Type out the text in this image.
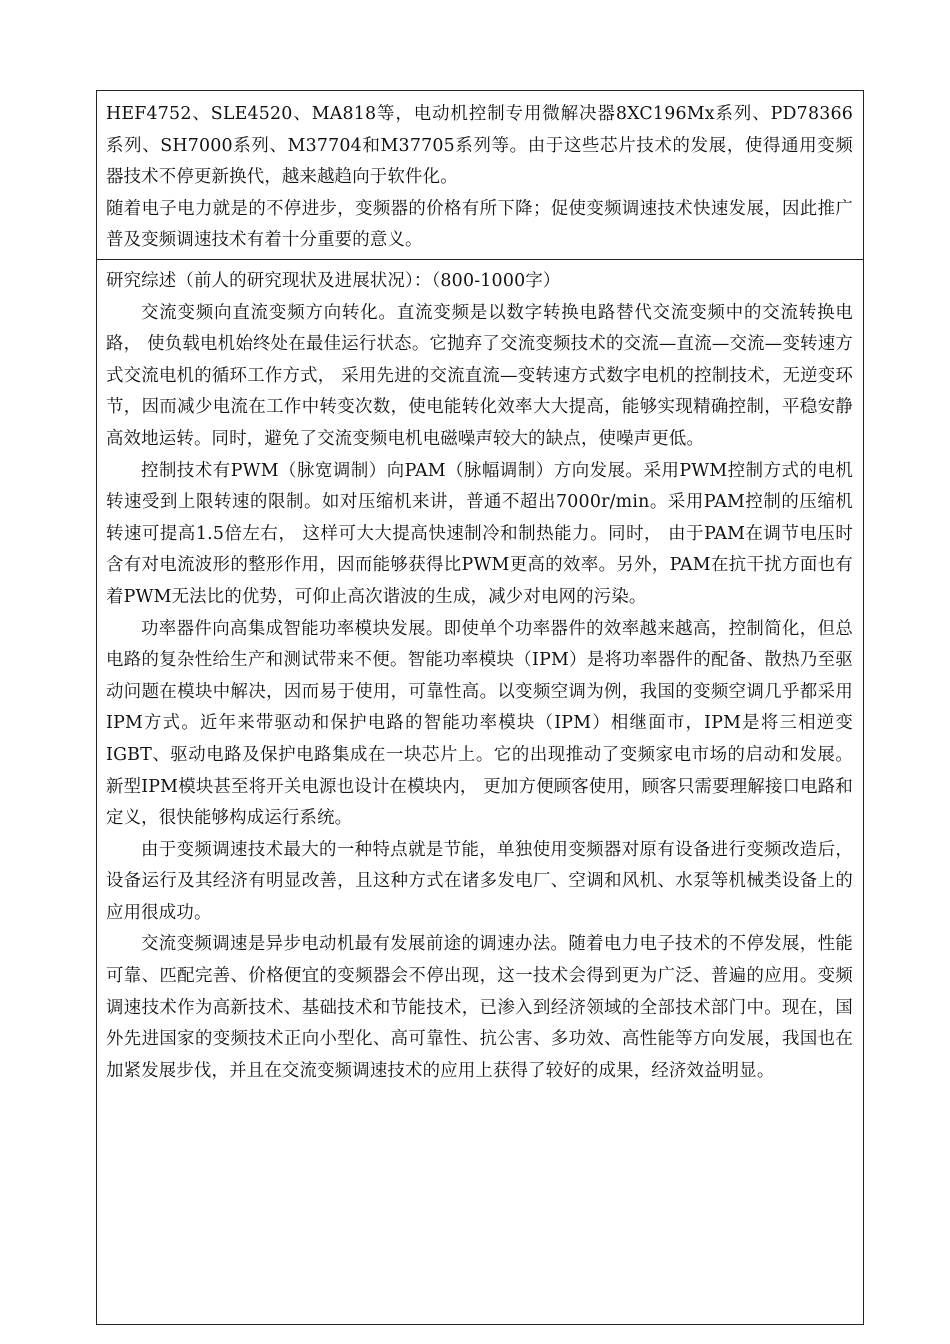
HEF4752、SLE4520、MA818等，电动机控制专用微解决器8XC196Mx系列、PD78366系列、SH7000系列、M37704和M37705系列等。由于这些芯片技术的发展，使得通用变频器技术不停更新换代，越来越趋向于软件化。

随着电子电力就是的不停进步，变频器的价格有所下降；促使变频调速技术快速发展，因此推广普及变频调速技术有着十分重要的意义。

研究综述（前人的研究现状及进展状况）：（800-1000字）

交流变频向直流变频方向转化。直流变频是以数字转换电路替代交流变频中的交流转换电路， 使负载电机始终处在最佳运行状态。它抛弃了交流变频技术的交流—直流—交流—变转速方式交流电机的循环工作方式， 采用先进的交流直流—变转速方式数字电机的控制技术，无逆变环节，因而减少电流在工作中转变次数，使电能转化效率大大提高，能够实现精确控制，平稳安静高效地运转。同时，避免了交流变频电机电磁噪声较大的缺点，使噪声更低。

控制技术有PWM（脉宽调制）向PAM（脉幅调制）方向发展。采用PWM控制方式的电机转速受到上限转速的限制。如对压缩机来讲，普通不超出7000r/min。采用PAM控制的压缩机转速可提高1.5倍左右， 这样可大大提高快速制冷和制热能力。同时， 由于PAM在调节电压时含有对电流波形的整形作用，因而能够获得比PWM更高的效率。另外，PAM在抗干扰方面也有着PWM无法比的优势，可仰止高次谐波的生成，减少对电网的污染。

功率器件向高集成智能功率模块发展。即使单个功率器件的效率越来越高，控制简化，但总电路的复杂性给生产和测试带来不便。智能功率模块（IPM）是将功率器件的配备、散热乃至驱动问题在模块中解决，因而易于使用，可靠性高。以变频空调为例，我国的变频空调几乎都采用IPM方式。近年来带驱动和保护电路的智能功率模块（IPM）相继面市，IPM是将三相逆变IGBT、驱动电路及保护电路集成在一块芯片上。它的出现推动了变频家电市场的启动和发展。新型IPM模块甚至将开关电源也设计在模块内， 更加方便顾客使用，顾客只需要理解接口电路和定义，很快能够构成运行系统。

由于变频调速技术最大的一种特点就是节能，单独使用变频器对原有设备进行变频改造后，设备运行及其经济有明显改善，且这种方式在诸多发电厂、空调和风机、水泵等机械类设备上的应用很成功。

交流变频调速是异步电动机最有发展前途的调速办法。随着电力电子技术的不停发展，性能可靠、匹配完善、价格便宜的变频器会不停出现，这一技术会得到更为广泛、普遍的应用。变频调速技术作为高新技术、基础技术和节能技术，已渗入到经济领域的全部技术部门中。现在，国外先进国家的变频技术正向小型化、高可靠性、抗公害、多功效、高性能等方向发展，我国也在加紧发展步伐，并且在交流变频调速技术的应用上获得了较好的成果，经济效益明显。
